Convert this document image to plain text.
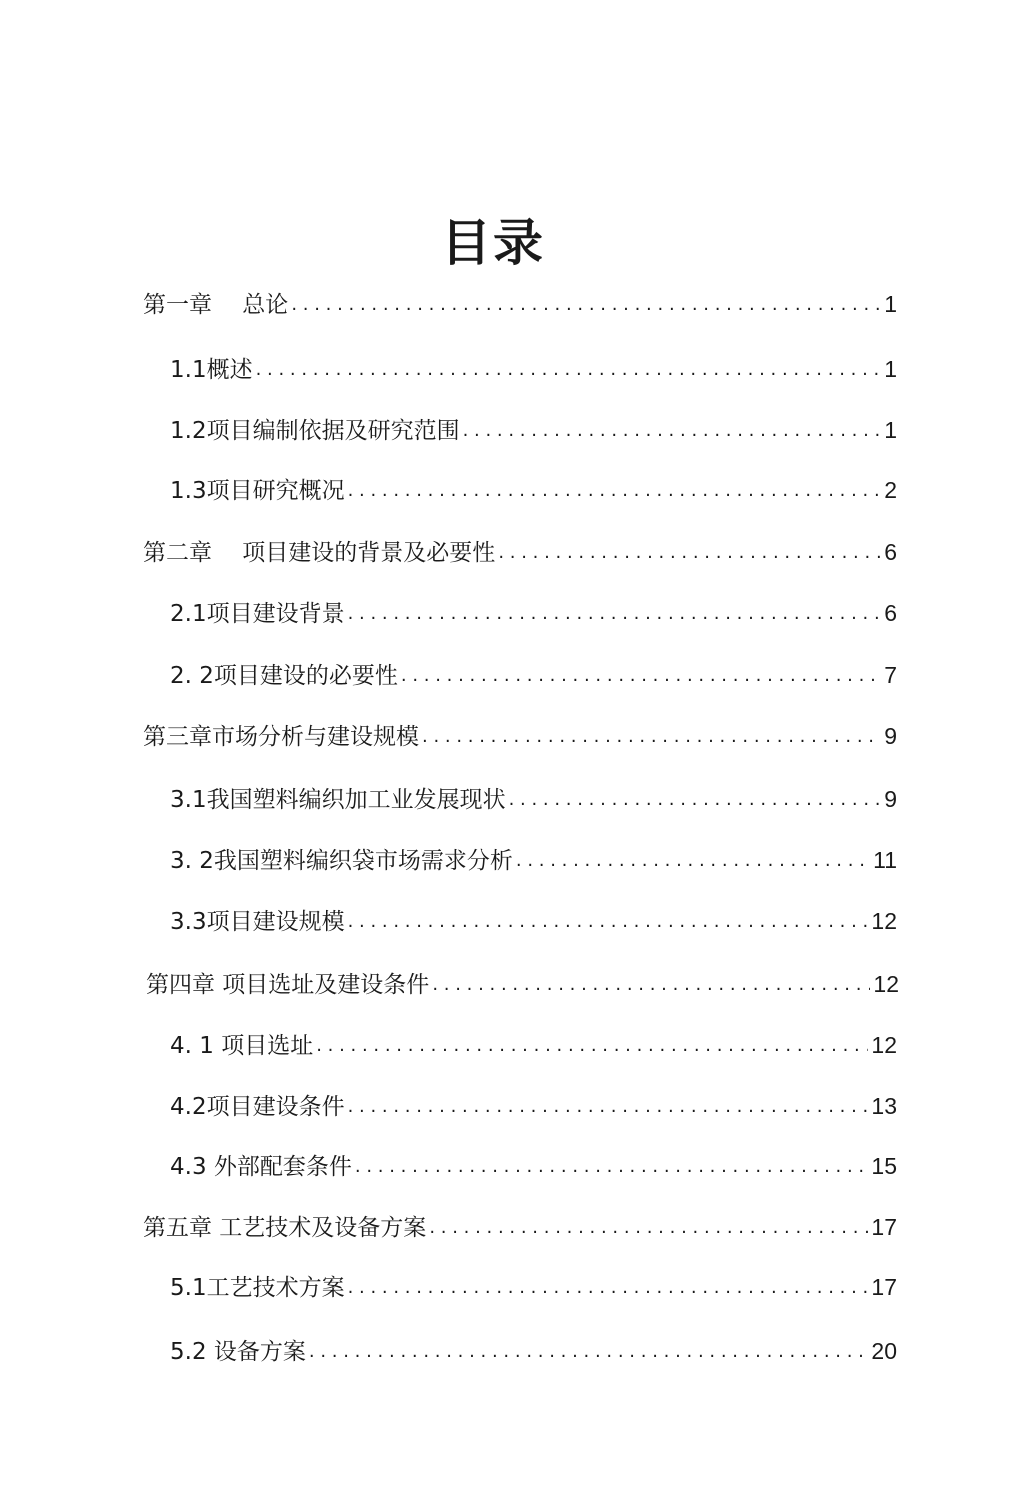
目录
第一章　 总论 . . .	1
1.1概述 . . .	1
1.2项目编制依据及研究范围 . . .	1
1.3项目研究概况 . . .	2
第二章　 项目建设的背景及必要性 . . .	6
2.1项目建设背景 . . .	6
2. 2项目建设的必要性 . . .	7
第三章市场分析与建设规模 . . .	9
3.1我国塑料编织加工业发展现状 . . .	9
3. 2我国塑料编织袋市场需求分析 . . .	11
3.3项目建设规模 . . .	12
第四章 项目选址及建设条件 . . .	12
4. 1 项目选址 . . .	12
4.2项目建设条件 . . .	13
4.3 外部配套条件 . . .	15
第五章 工艺技术及设备方案 . . .	17
5.1工艺技术方案 . . .	17
5.2 设备方案 . . .	20
